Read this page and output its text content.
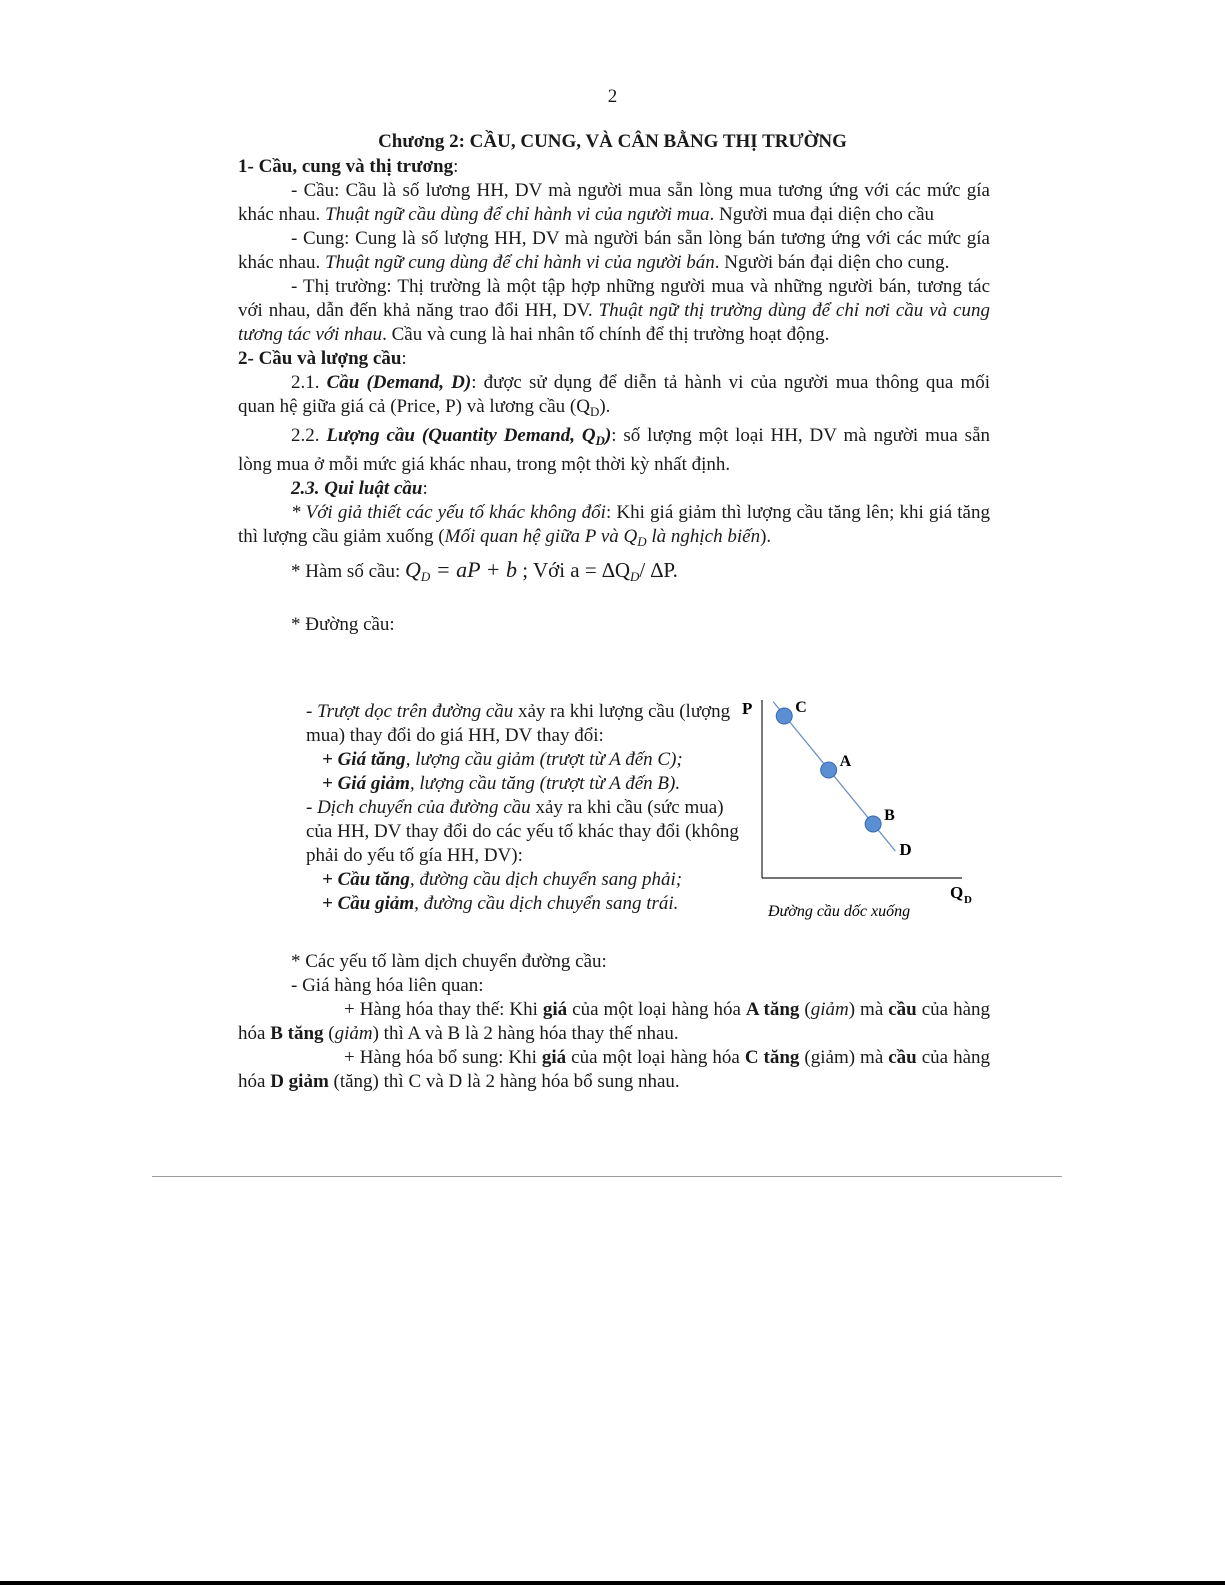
2
Chương 2: CẦU, CUNG, VÀ CÂN BẰNG THỊ TRƯỜNG
1- Cầu, cung và thị trương:
- Cầu: Cầu là số lương HH, DV mà người mua sẵn lòng mua tương ứng với các mức gía khác nhau. Thuật ngữ cầu dùng để chỉ hành vi của người mua. Người mua đại diện cho cầu
- Cung: Cung là số lượng HH, DV mà người bán sẵn lòng bán tương ứng với các mức gía khác nhau. Thuật ngữ cung dùng để chỉ hành vi của người bán. Người bán đại diện cho cung.
- Thị trường: Thị trường là một tập hợp những người mua và những người bán, tương tác với nhau, dẫn đến khả năng trao đổi HH, DV. Thuật ngữ thị trường dùng để chỉ nơi cầu và cung tương tác với nhau. Cầu và cung là hai nhân tố chính để thị trường hoạt động.
2- Cầu và lượng cầu:
2.1. Cầu (Demand, D): được sử dụng để diễn tả hành vi của người mua thông qua mối quan hệ giữa giá cả (Price, P) và lương cầu $(Q_D)$.
2.2. Lượng cầu (Quantity Demand, $Q_D$): số lượng một loại HH, DV mà người mua sẵn lòng mua ở mỗi mức giá khác nhau, trong một thời kỳ nhất định.
2.3. Qui luật cầu:
* Với giả thiết các yếu tố khác không đổi: Khi giá giảm thì lượng cầu tăng lên; khi giá tăng thì lượng cầu giảm xuống (Mối quan hệ giữa P và $Q_D$ là nghịch biến).
* Hàm số cầu: $Q_D$ = aP + b ; Với $a = \Delta Q_D/$ ∆P.
* Đường cầu:
- Trượt dọc trên đường cầu xảy ra khi lượng cầu (lượng mua) thay đổi do giá HH, DV thay đổi:
+ Giá tăng, lượng cầu giảm (trượt từ A đến C);
+ Giá giảm, lượng cầu tăng (trượt từ A đến B).
- Dịch chuyển của đường cầu xảy ra khi cầu (sức mua) của HH, DV thay đổi do các yếu tố khác thay đổi (không phải do yếu tố gía HH, DV):
+ Cầu tăng, đường cầu dịch chuyển sang phải;
+ Cầu giảm, đường cầu dịch chuyển sang trái.
P
Q D
D
C
A
B
Đường cầu dốc xuống
* Các yếu tố làm dịch chuyển đường cầu:
- Giá hàng hóa liên quan:
+ Hàng hóa thay thế: Khi giá của một loại hàng hóa A tăng (giảm) mà cầu của hàng hóa B tăng (giảm) thì A và B là 2 hàng hóa thay thế nhau.
+ Hàng hóa bổ sung: Khi giá của một loại hàng hóa C tăng (giảm) mà cầu của hàng hóa D giảm (tăng) thì C và D là 2 hàng hóa bổ sung nhau.
